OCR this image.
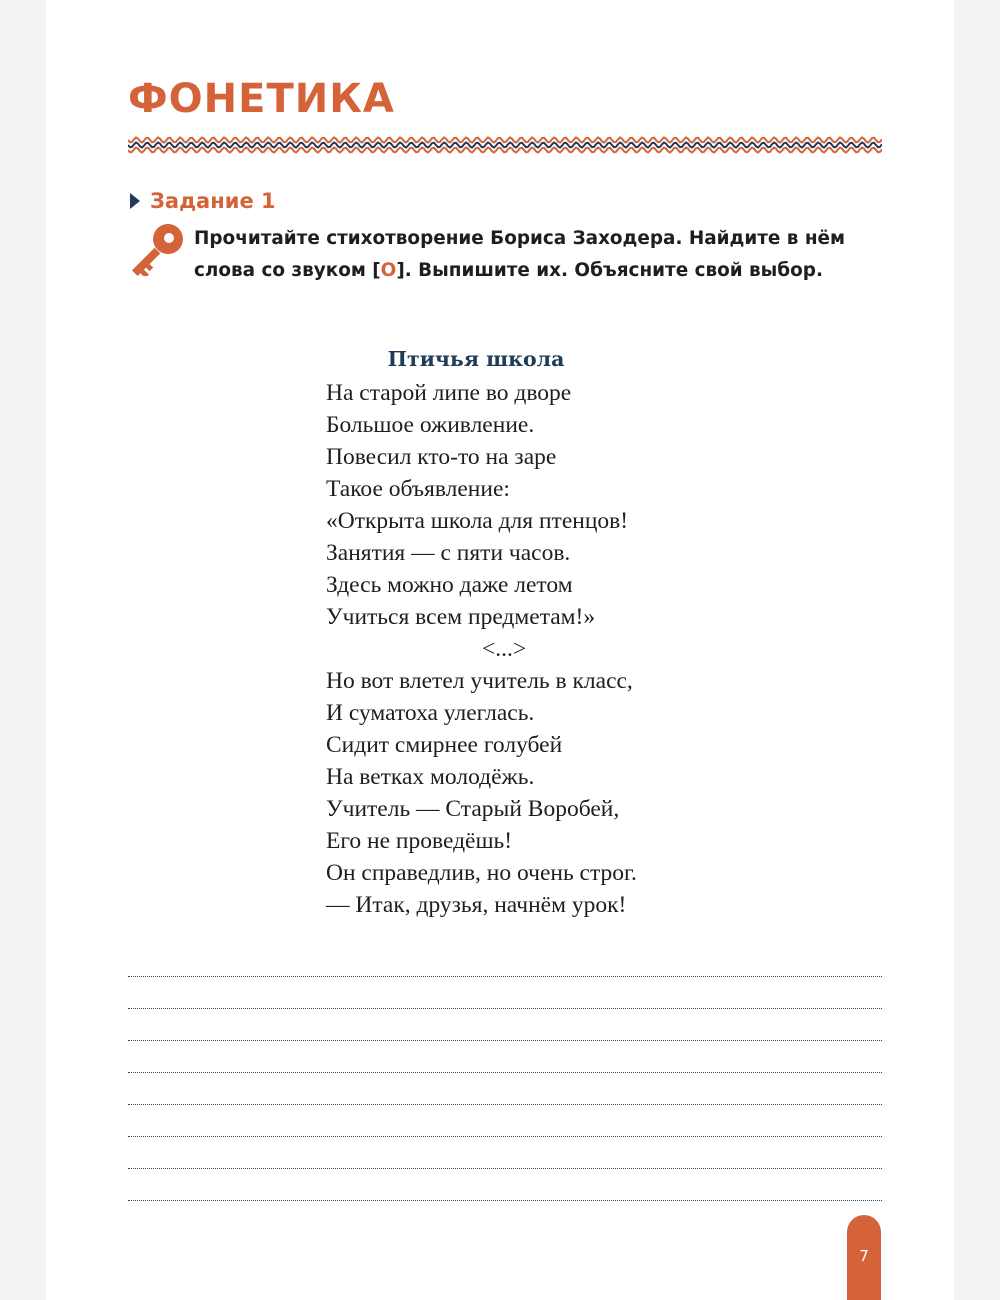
ФОНЕТИКА
Задание 1
Прочитайте стихотворение Бориса Заходера. Найдите в нём слова со звуком [О]. Выпишите их. Объясните свой выбор.
Птичья школа
На старой липе во дворе
Большое оживление.
Повесил кто-то на заре
Такое объявление:
«Открыта школа для птенцов!
Занятия — с пяти часов.
Здесь можно даже летом
Учиться всем предметам!»
<...>
Но вот влетел учитель в класс,
И суматоха улеглась.
Сидит смирнее голубей
На ветках молодёжь.
Учитель — Старый Воробей,
Его не проведёшь!
Он справедлив, но очень строг.
— Итак, друзья, начнём урок!
7
